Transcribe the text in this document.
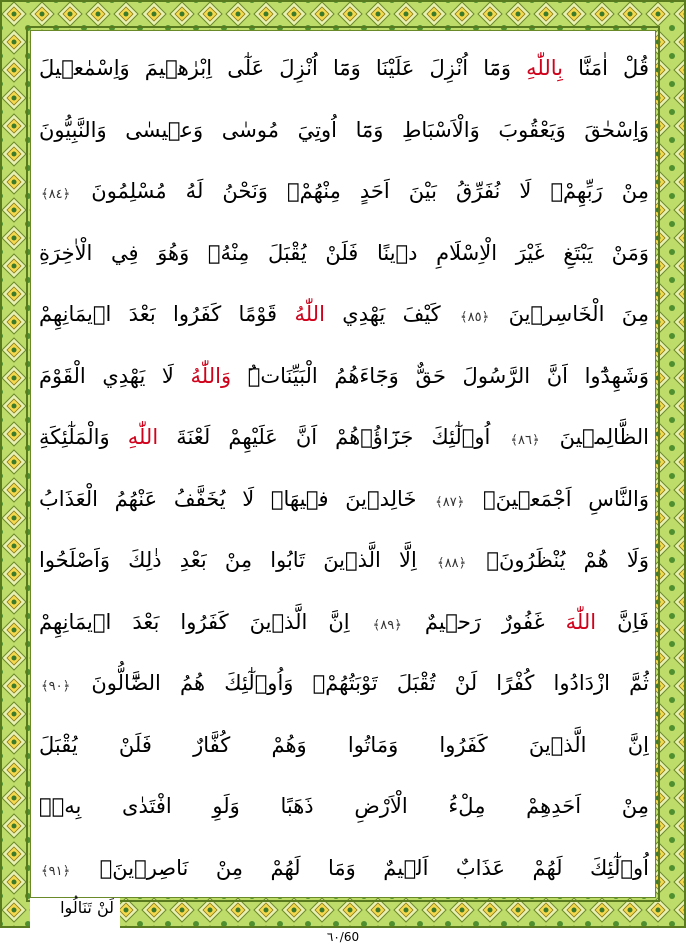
قُلْ اٰمَنَّا بِاللّٰهِ وَمَٓا اُنْزِلَ عَلَيْنَا وَمَٓا اُنْزِلَ عَلٰٓى اِبْرٰهٖيمَ وَاِسْمٰعٖيلَ
وَاِسْحٰقَ وَيَعْقُوبَ وَالْاَسْبَاطِ وَمَٓا اُوتِيَ مُوسٰى وَعٖيسٰى وَالنَّبِيُّونَ
مِنْ رَبِّهِمْۖ لَا نُفَرِّقُ بَيْنَ اَحَدٍ مِنْهُمْۘ وَنَحْنُ لَهُ مُسْلِمُونَ ﴿٨٤﴾
وَمَنْ يَبْتَغِ غَيْرَ الْاِسْلَامِ دٖينًا فَلَنْ يُقْبَلَ مِنْهُۚ وَهُوَ فِي الْاٰخِرَةِ
مِنَ الْخَاسِرٖينَ ﴿٨٥﴾ كَيْفَ يَهْدِي اللّٰهُ قَوْمًا كَفَرُوا بَعْدَ اٖيمَانِهِمْ
وَشَهِدُٓوا اَنَّ الرَّسُولَ حَقٌّ وَجَٓاءَهُمُ الْبَيِّنَاتُۜ وَاللّٰهُ لَا يَهْدِي الْقَوْمَ
الظَّالِمٖينَ ﴿٨٦﴾ اُو۬لٰٓئِكَ جَزَٓاؤُ۬هُمْ اَنَّ عَلَيْهِمْ لَعْنَةَ اللّٰهِ وَالْمَلٰٓئِكَةِ
وَالنَّاسِ اَجْمَعٖينَۙ ﴿٨٧﴾ خَالِدٖينَ فٖيهَاۚ لَا يُخَفَّفُ عَنْهُمُ الْعَذَابُ
وَلَا هُمْ يُنْظَرُونَۙ ﴿٨٨﴾ اِلَّا الَّذٖينَ تَابُوا مِنْ بَعْدِ ذٰلِكَ وَاَصْلَحُوا
فَاِنَّ اللّٰهَ غَفُورٌ رَحٖيمٌ ﴿٨٩﴾ اِنَّ الَّذٖينَ كَفَرُوا بَعْدَ اٖيمَانِهِمْ
ثُمَّ ازْدَادُوا كُفْرًا لَنْ تُقْبَلَ تَوْبَتُهُمْۚ وَاُو۬لٰٓئِكَ هُمُ الضَّٓالُّونَ ﴿٩٠﴾
اِنَّ الَّذٖينَ كَفَرُوا وَمَاتُوا وَهُمْ كُفَّارٌ فَلَنْ يُقْبَلَ
مِنْ اَحَدِهِمْ مِلْءُ الْاَرْضِ ذَهَبًا وَلَوِ افْتَدٰى بِهٖۜ
اُو۬لٰٓئِكَ لَهُمْ عَذَابٌ اَلٖيمٌ وَمَا لَهُمْ مِنْ نَاصِرٖينَ۟ ﴿٩١﴾
لَنْ تَنَالُوا
٦٠/60
